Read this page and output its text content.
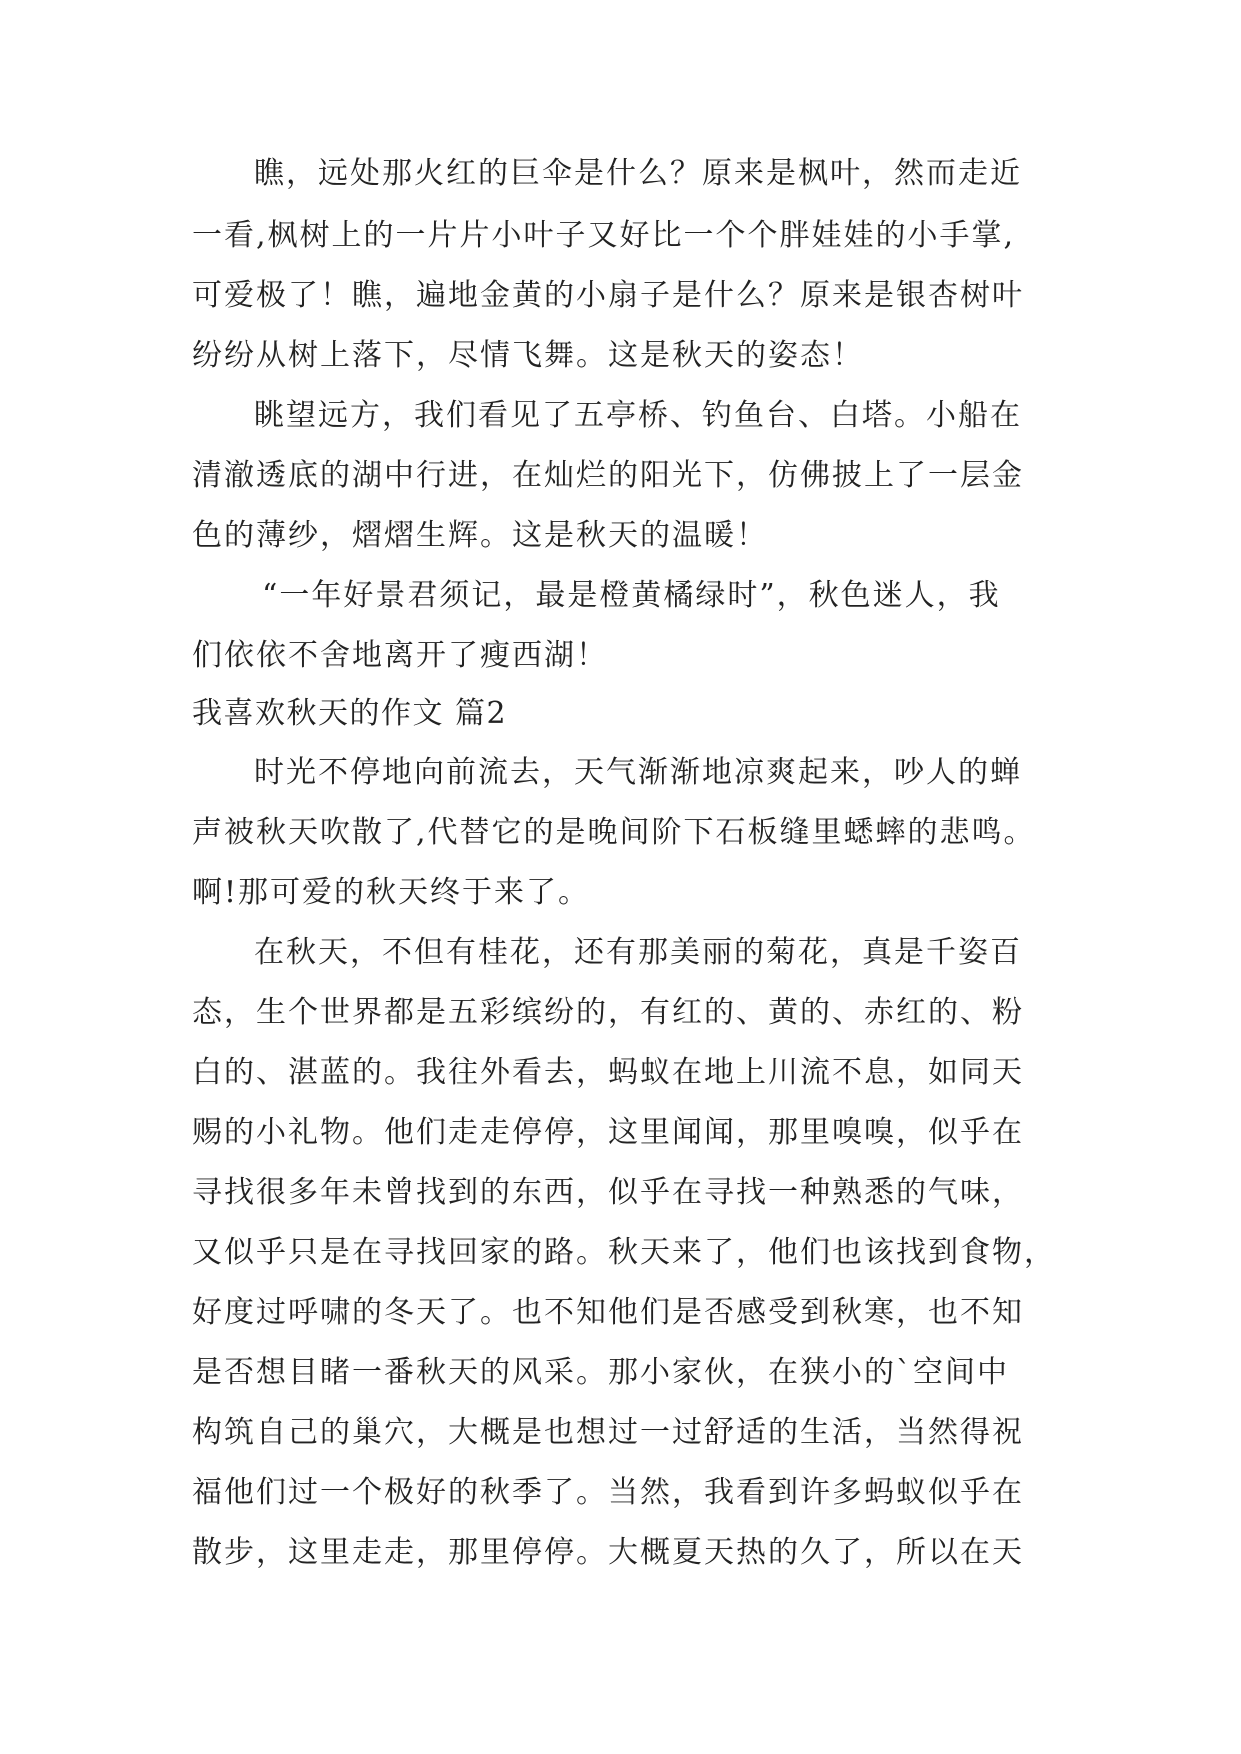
瞧，远处那火红的巨伞是什么？原来是枫叶，然而走近
一看,枫树上的一片片小叶子又好比一个个胖娃娃的小手掌,
可爱极了！瞧，遍地金黄的小扇子是什么？原来是银杏树叶
纷纷从树上落下，尽情飞舞。这是秋天的姿态！
眺望远方，我们看见了五亭桥、钓鱼台、白塔。小船在
清澈透底的湖中行进，在灿烂的阳光下，仿佛披上了一层金
色的薄纱，熠熠生辉。这是秋天的温暖！
“一年好景君须记，最是橙黄橘绿时”，秋色迷人，我
们依依不舍地离开了瘦西湖！
我喜欢秋天的作文 篇2
时光不停地向前流去，天气渐渐地凉爽起来，吵人的蝉
声被秋天吹散了,代替它的是晚间阶下石板缝里蟋蟀的悲鸣。
啊!那可爱的秋天终于来了。
在秋天，不但有桂花，还有那美丽的菊花，真是千姿百
态，生个世界都是五彩缤纷的，有红的、黄的、赤红的、粉
白的、湛蓝的。我往外看去，蚂蚁在地上川流不息，如同天
赐的小礼物。他们走走停停，这里闻闻，那里嗅嗅，似乎在
寻找很多年未曾找到的东西，似乎在寻找一种熟悉的气味，
又似乎只是在寻找回家的路。秋天来了，他们也该找到食物，
好度过呼啸的冬天了。也不知他们是否感受到秋寒，也不知
是否想目睹一番秋天的风采。那小家伙，在狭小的`空间中
构筑自己的巢穴，大概是也想过一过舒适的生活，当然得祝
福他们过一个极好的秋季了。当然，我看到许多蚂蚁似乎在
散步，这里走走，那里停停。大概夏天热的久了，所以在天
